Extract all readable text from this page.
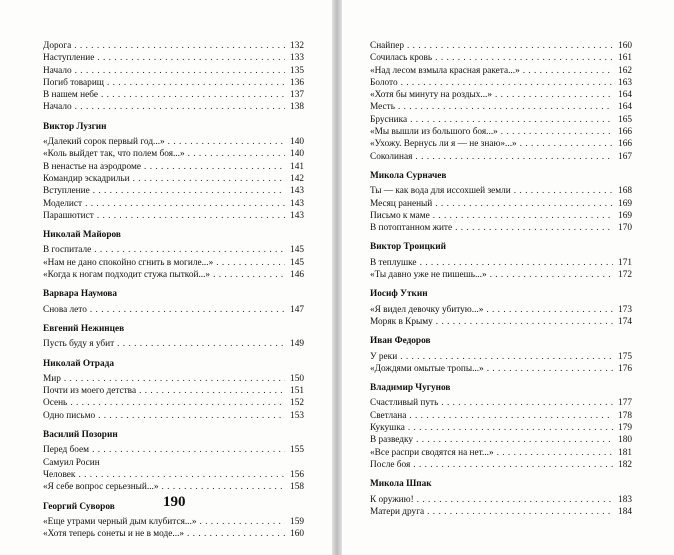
Дорога . . .	132
Наступление . . .	133
Начало . . .	135
Погиб товарищ . . .	136
В нашем небе . . .	137
Начало . . .	138
Виктор Лузгин
«Далекий сорок первый год...» . . .	140
«Коль выйдет так, что полем боя...» . . .	140
В ненастье на аэродроме . . .	141
Командир эскадрильи . . .	142
Вступление . . .	143
Моделист . . .	143
Парашютист . . .	143
Николай Майоров
В госпитале . . .	145
«Нам не дано спокойно сгнить в могиле...» . . .	145
«Когда к ногам подходит стужа пыткой...» . . .	146
Варвара Наумова
Снова лето . . .	147
Евгений Нежинцев
Пусть буду я убит . . .	149
Николай Отрада
Мир . . .	150
Почти из моего детства . . .	151
Осень . . .	152
Одно письмо . . .	153
Василий Позорин
Перед боем . . .	155
Самуил Росин
Человек . . .	156
«Я себе вопрос серьезный...» . . .	158
Георгий Суворов
«Еще утрами черный дым клубится...» . . .	159
«Хотя теперь сонеты и не в моде...» . . .	160
190
Снайпер . . .	160
Сочилась кровь . . .	161
«Над лесом взмыла красная ракета...» . . .	162
Болото . . .	163
«Хотя бы минуту на роздых...» . . .	164
Месть . . .	164
Брусника . . .	165
«Мы вышли из большого боя...» . . .	166
«Ухожу. Вернусь ли я — не знаю»...» . . .	166
Соколиная . . .	167
Микола Сурначев
Ты — как вода для иссохшей земли . . .	168
Месяц раненый . . .	169
Письмо к маме . . .	169
В потоптанном жите . . .	170
Виктор Троицкий
В теплушке . . .	171
«Ты давно уже не пишешь...» . . .	172
Иосиф Уткин
«Я видел девочку убитую...» . . .	173
Моряк в Крыму . . .	174
Иван Федоров
У реки . . .	175
«Дождями омытые тропы...» . . .	176
Владимир Чугунов
Счастливый путь . . .	177
Светлана . . .	178
Кукушка . . .	179
В разведку . . .	180
«Все распри сводятся на нет...» . . .	181
После боя . . .	182
Микола Шпак
К оружию! . . .	183
Матери друга . . .	184
